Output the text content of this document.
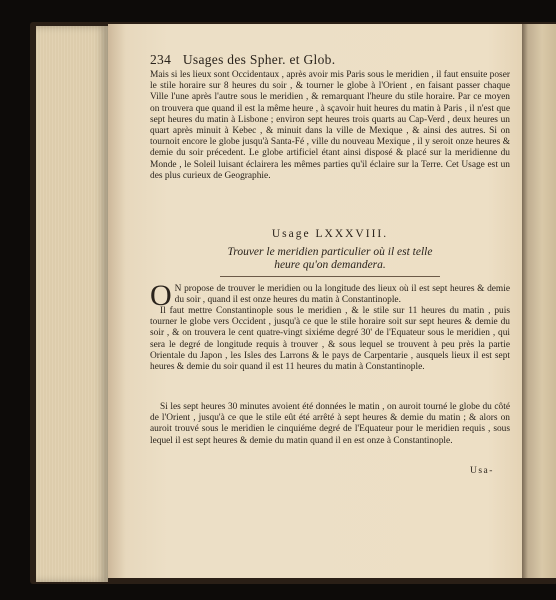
234 Usages des Spher. et Glob.
Mais si les lieux sont Occidentaux , après avoir mis Paris sous le meridien , il faut ensuite poser le stile horaire sur 8 heures du soir , & tourner le globe à l'Orient , en faisant passer chaque Ville l'une après l'autre sous le meridien , & remarquant l'heure du stile horaire. Par ce moyen on trouvera que quand il est la même heure , à sçavoir huit heures du matin à Paris , il n'est que sept heures du matin à Lisbone ; environ sept heures trois quarts au Cap-Verd , deux heures un quart après minuit à Kebec , & minuit dans la ville de Mexique , & ainsi des autres. Si on tournoit encore le globe jusqu'à Santa-Fé , ville du nouveau Mexique , il y seroit onze heures & demie du soir précedent. Le globe artificiel étant ainsi disposé & placé sur la meridienne du Monde , le Soleil luisant éclairera les mêmes parties qu'il éclaire sur la Terre. Cet Usage est un des plus curieux de Geographie.
Usage LXXXVIII.
Trouver le meridien particulier où il est telle
heure qu'on demandera.
O N propose de trouver le meridien ou la longitude des lieux où il est sept heures & demie du soir , quand il est onze heures du matin à Constantinople.
Il faut mettre Constantinople sous le meridien , & le stile sur 11 heures du matin , puis tourner le globe vers Occident , jusqu'à ce que le stile horaire soit sur sept heures & demie du soir , & on trouvera le cent quatre-vingt sixiéme degré 30' de l'Equateur sous le meridien , qui sera le degré de longitude requis à trouver , & sous lequel se trouvent à peu près la partie Orientale du Japon , les Isles des Larrons & le pays de Carpentarie , ausquels lieux il est sept heures & demie du soir quand il est 11 heures du matin à Constantinople.
Si les sept heures 30 minutes avoient été données le matin , on auroit tourné le globe du côté de l'Orient , jusqu'à ce que le stile eût été arrêté à sept heures & demie du matin ; & alors on auroit trouvé sous le meridien le cinquiéme degré de l'Equateur pour le meridien requis , sous lequel il est sept heures & demie du matin quand il en est onze à Constantinople.
Usa-
